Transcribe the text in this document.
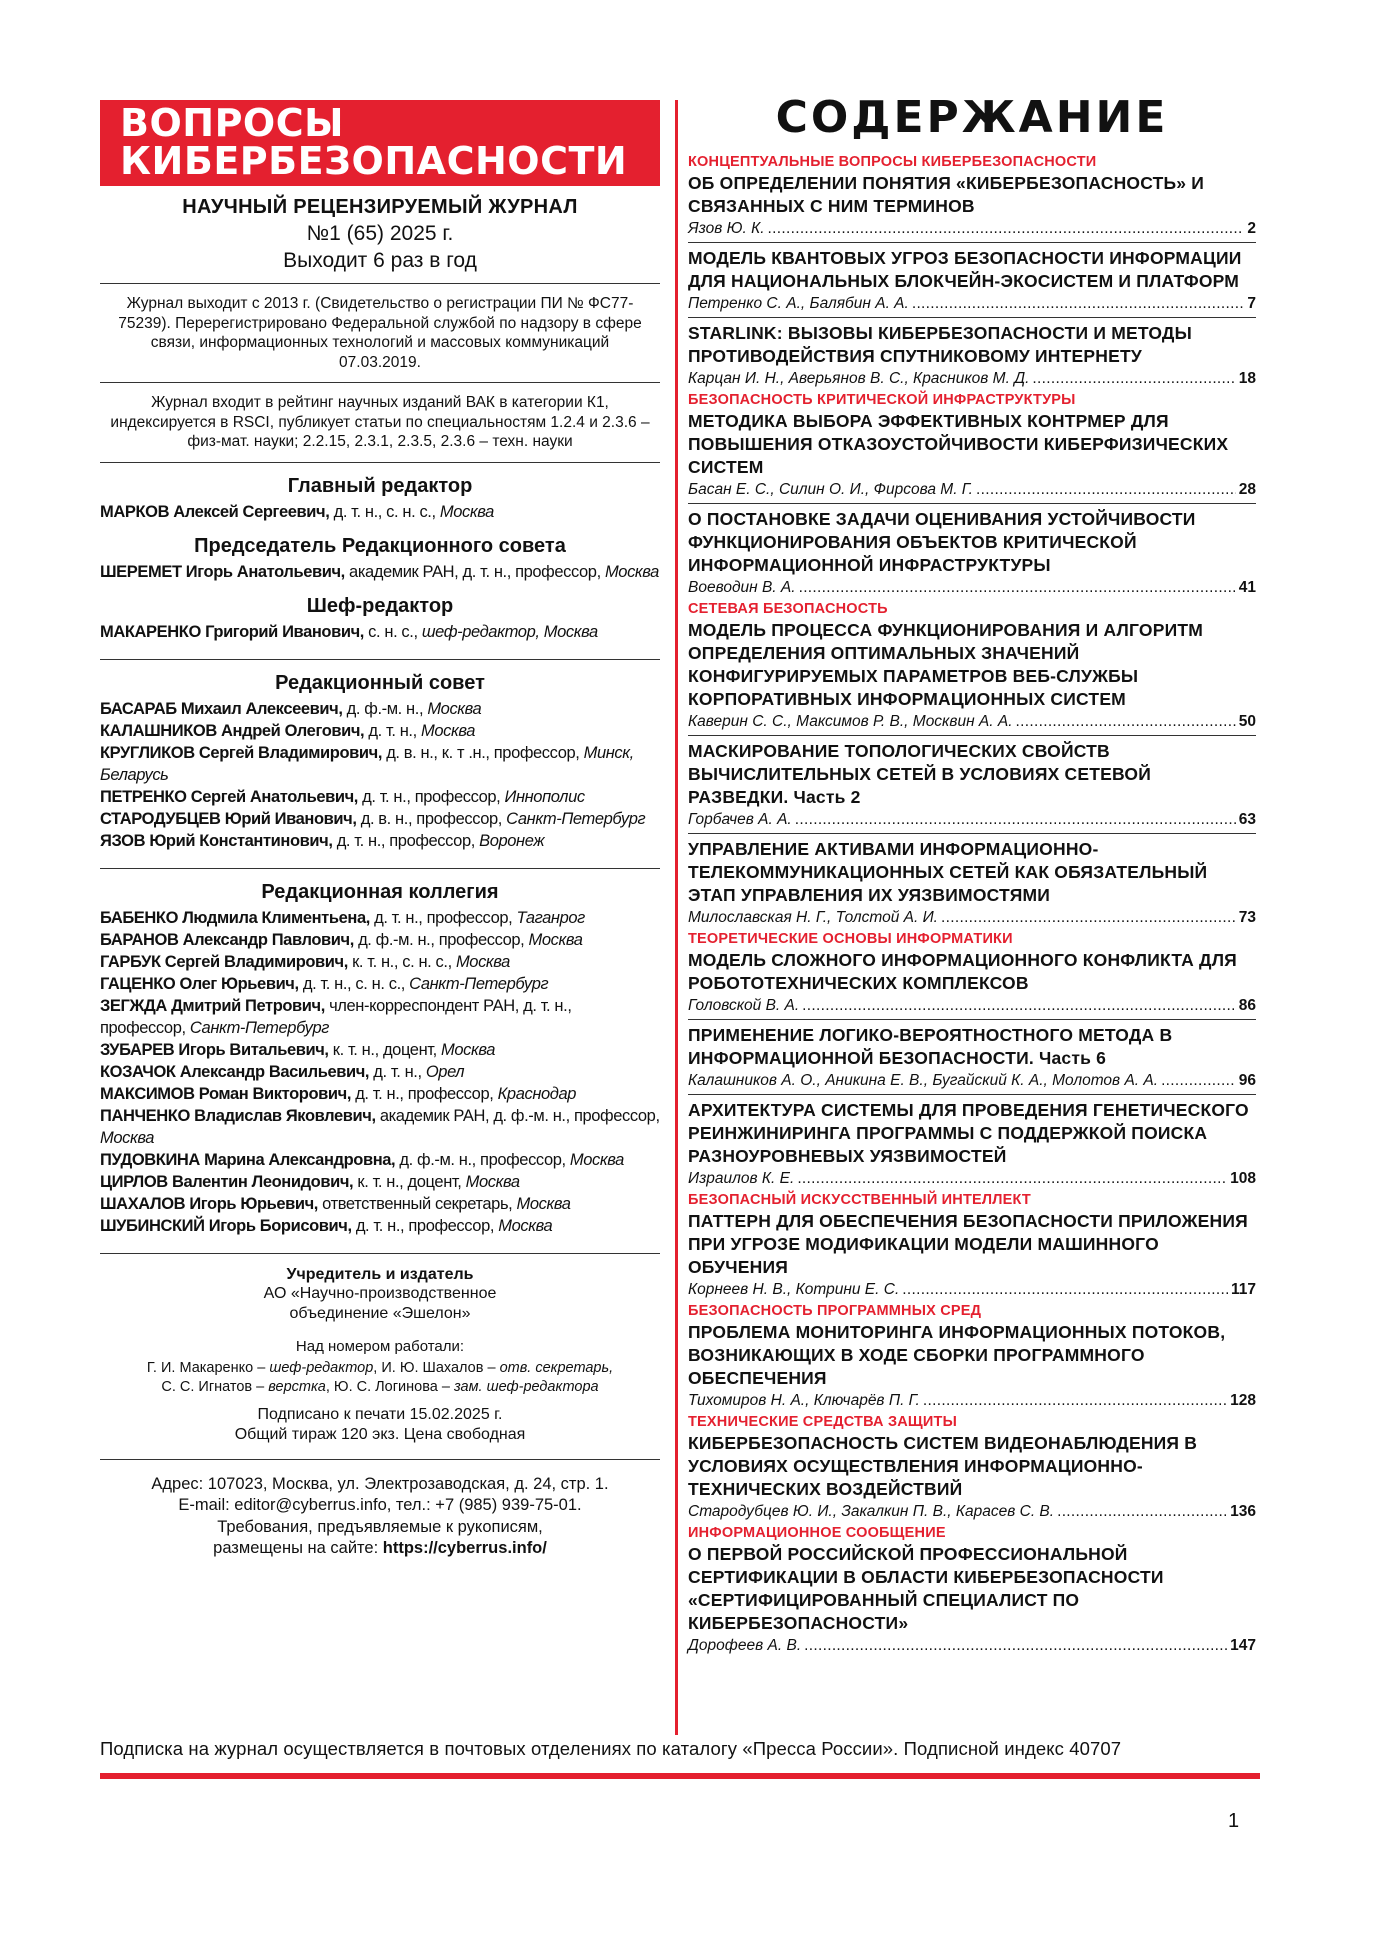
ВОПРОСЫ
КИБЕРБЕЗОПАСНОСТИ
НАУЧНЫЙ РЕЦЕНЗИРУЕМЫЙ ЖУРНАЛ
№1 (65) 2025 г.
Выходит 6 раз в год
Журнал выходит с 2013 г. (Свидетельство о регистрации ПИ № ФС77-75239). Перерегистрировано Федеральной службой по надзору в сфере связи, информационных технологий и массовых коммуникаций 07.03.2019.
Журнал входит в рейтинг научных изданий ВАК в категории К1, индексируется в RSCI, публикует статьи по специальностям 1.2.4 и 2.3.6 – физ-мат. науки; 2.2.15, 2.3.1, 2.3.5, 2.3.6 – техн. науки
Главный редактор
МАРКОВ Алексей Сергеевич, д. т. н., с. н. с., Москва
Председатель Редакционного совета
ШЕРЕМЕТ Игорь Анатольевич, академик РАН, д. т. н., профессор, Москва
Шеф-редактор
МАКАРЕНКО Григорий Иванович, с. н. с., шеф-редактор, Москва
Редакционный совет
БАСАРАБ Михаил Алексеевич, д. ф.-м. н., Москва
КАЛАШНИКОВ Андрей Олегович, д. т. н., Москва
КРУГЛИКОВ Сергей Владимирович, д. в. н., к. т .н., профессор, Минск, Беларусь
ПЕТРЕНКО Сергей Анатольевич, д. т. н., профессор, Иннополис
СТАРОДУБЦЕВ Юрий Иванович, д. в. н., профессор, Санкт-Петербург
ЯЗОВ Юрий Константинович, д. т. н., профессор, Воронеж
Редакционная коллегия
БАБЕНКО Людмила Климентьена, д. т. н., профессор, Таганрог
БАРАНОВ Александр Павлович, д. ф.-м. н., профессор, Москва
ГАРБУК Сергей Владимирович, к. т. н., с. н. с., Москва
ГАЦЕНКО Олег Юрьевич, д. т. н., с. н. с., Санкт-Петербург
ЗЕГЖДА Дмитрий Петрович, член-корреспондент РАН, д. т. н., профессор, Санкт-Петербург
ЗУБАРЕВ Игорь Витальевич, к. т. н., доцент, Москва
КОЗАЧОК Александр Васильевич, д. т. н., Орел
МАКСИМОВ Роман Викторович, д. т. н., профессор, Краснодар
ПАНЧЕНКО Владислав Яковлевич, академик РАН, д. ф.-м. н., профессор, Москва
ПУДОВКИНА Марина Александровна, д. ф.-м. н., профессор, Москва
ЦИРЛОВ Валентин Леонидович, к. т. н., доцент, Москва
ШАХАЛОВ Игорь Юрьевич, ответственный секретарь, Москва
ШУБИНСКИЙ Игорь Борисович, д. т. н., профессор, Москва
Учредитель и издатель
АО «Научно-производственное
объединение «Эшелон»
Над номером работали:
Г. И. Макаренко – шеф-редактор, И. Ю. Шахалов – отв. секретарь,
С. С. Игнатов – верстка, Ю. С. Логинова – зам. шеф-редактора
Подписано к печати 15.02.2025 г.
Общий тираж 120 экз. Цена свободная
Адрес: 107023, Москва, ул. Электрозаводская, д. 24, стр. 1.
E-mail: editor@cyberrus.info, тел.: +7 (985) 939-75-01.
Требования, предъявляемые к рукописям,
размещены на сайте: https://cyberrus.info/
СОДЕРЖАНИЕ
КОНЦЕПТУАЛЬНЫЕ ВОПРОСЫ КИБЕРБЕЗОПАСНОСТИ
ОБ ОПРЕДЕЛЕНИИ ПОНЯТИЯ «КИБЕРБЕЗОПАСНОСТЬ» И СВЯЗАННЫХ С НИМ ТЕРМИНОВ
Язов Ю. К. . . .	2
МОДЕЛЬ КВАНТОВЫХ УГРОЗ БЕЗОПАСНОСТИ ИНФОРМАЦИИ ДЛЯ НАЦИОНАЛЬНЫХ БЛОКЧЕЙН-ЭКОСИСТЕМ И ПЛАТФОРМ
Петренко С. А., Балябин А. А. . . .	7
STARLINK: ВЫЗОВЫ КИБЕРБЕЗОПАСНОСТИ И МЕТОДЫ ПРОТИВОДЕЙСТВИЯ СПУТНИКОВОМУ ИНТЕРНЕТУ
Карцан И. Н., Аверьянов В. С., Красников М. Д. . . .	18
БЕЗОПАСНОСТЬ КРИТИЧЕСКОЙ ИНФРАСТРУКТУРЫ
МЕТОДИКА ВЫБОРА ЭФФЕКТИВНЫХ КОНТРМЕР ДЛЯ ПОВЫШЕНИЯ ОТКАЗОУСТОЙЧИВОСТИ КИБЕРФИЗИЧЕСКИХ СИСТЕМ
Басан Е. С., Силин О. И., Фирсова М. Г. . . .	28
О ПОСТАНОВКЕ ЗАДАЧИ ОЦЕНИВАНИЯ УСТОЙЧИВОСТИ ФУНКЦИОНИРОВАНИЯ ОБЪЕКТОВ КРИТИЧЕСКОЙ ИНФОРМАЦИОННОЙ ИНФРАСТРУКТУРЫ
Воеводин В. А. . . .	41
СЕТЕВАЯ БЕЗОПАСНОСТЬ
МОДЕЛЬ ПРОЦЕССА ФУНКЦИОНИРОВАНИЯ И АЛГОРИТМ ОПРЕДЕЛЕНИЯ ОПТИМАЛЬНЫХ ЗНАЧЕНИЙ КОНФИГУРИРУЕМЫХ ПАРАМЕТРОВ ВЕБ-СЛУЖБЫ КОРПОРАТИВНЫХ ИНФОРМАЦИОННЫХ СИСТЕМ
Каверин С. С., Максимов Р. В., Москвин А. А. . . .	50
МАСКИРОВАНИЕ ТОПОЛОГИЧЕСКИХ СВОЙСТВ ВЫЧИСЛИТЕЛЬНЫХ СЕТЕЙ В УСЛОВИЯХ СЕТЕВОЙ РАЗВЕДКИ. Часть 2
Горбачев А. А. . . .	63
УПРАВЛЕНИЕ АКТИВАМИ ИНФОРМАЦИОННО-ТЕЛЕКОММУНИКАЦИОННЫХ СЕТЕЙ КАК ОБЯЗАТЕЛЬНЫЙ ЭТАП УПРАВЛЕНИЯ ИХ УЯЗВИМОСТЯМИ
Милославская Н. Г., Толстой А. И. . . .	73
ТЕОРЕТИЧЕСКИЕ ОСНОВЫ ИНФОРМАТИКИ
МОДЕЛЬ СЛОЖНОГО ИНФОРМАЦИОННОГО КОНФЛИКТА ДЛЯ РОБОТОТЕХНИЧЕСКИХ КОМПЛЕКСОВ
Головской В. А. . . .	86
ПРИМЕНЕНИЕ ЛОГИКО-ВЕРОЯТНОСТНОГО МЕТОДА В ИНФОРМАЦИОННОЙ БЕЗОПАСНОСТИ. Часть 6
Калашников А. О., Аникина Е. В., Бугайский К. А., Молотов А. А. . . .	96
АРХИТЕКТУРА СИСТЕМЫ ДЛЯ ПРОВЕДЕНИЯ ГЕНЕТИЧЕСКОГО РЕИНЖИНИРИНГА ПРОГРАММЫ С ПОДДЕРЖКОЙ ПОИСКА РАЗНОУРОВНЕВЫХ УЯЗВИМОСТЕЙ
Израилов К. Е. . . .	108
БЕЗОПАСНЫЙ ИСКУССТВЕННЫЙ ИНТЕЛЛЕКТ
ПАТТЕРН ДЛЯ ОБЕСПЕЧЕНИЯ БЕЗОПАСНОСТИ ПРИЛОЖЕНИЯ ПРИ УГРОЗЕ МОДИФИКАЦИИ МОДЕЛИ МАШИННОГО ОБУЧЕНИЯ
Корнеев Н. В., Котрини Е. С. . . .	117
БЕЗОПАСНОСТЬ ПРОГРАММНЫХ СРЕД
ПРОБЛЕМА МОНИТОРИНГА ИНФОРМАЦИОННЫХ ПОТОКОВ, ВОЗНИКАЮЩИХ В ХОДЕ СБОРКИ ПРОГРАММНОГО ОБЕСПЕЧЕНИЯ
Тихомиров Н. А., Ключарёв П. Г. . . .	128
ТЕХНИЧЕСКИЕ СРЕДСТВА ЗАЩИТЫ
КИБЕРБЕЗОПАСНОСТЬ СИСТЕМ ВИДЕОНАБЛЮДЕНИЯ В УСЛОВИЯХ ОСУЩЕСТВЛЕНИЯ ИНФОРМАЦИОННО-ТЕХНИЧЕСКИХ ВОЗДЕЙСТВИЙ
Стародубцев Ю. И., Закалкин П. В., Карасев С. В. . . .	136
ИНФОРМАЦИОННОЕ СООБЩЕНИЕ
О ПЕРВОЙ РОССИЙСКОЙ ПРОФЕССИОНАЛЬНОЙ СЕРТИФИКАЦИИ В ОБЛАСТИ КИБЕРБЕЗОПАСНОСТИ «СЕРТИФИЦИРОВАННЫЙ СПЕЦИАЛИСТ ПО КИБЕРБЕЗОПАСНОСТИ»
Дорофеев А. В. . . .	147
Подписка на журнал осуществляется в почтовых отделениях по каталогу «Пресса России». Подписной индекс 40707
1
